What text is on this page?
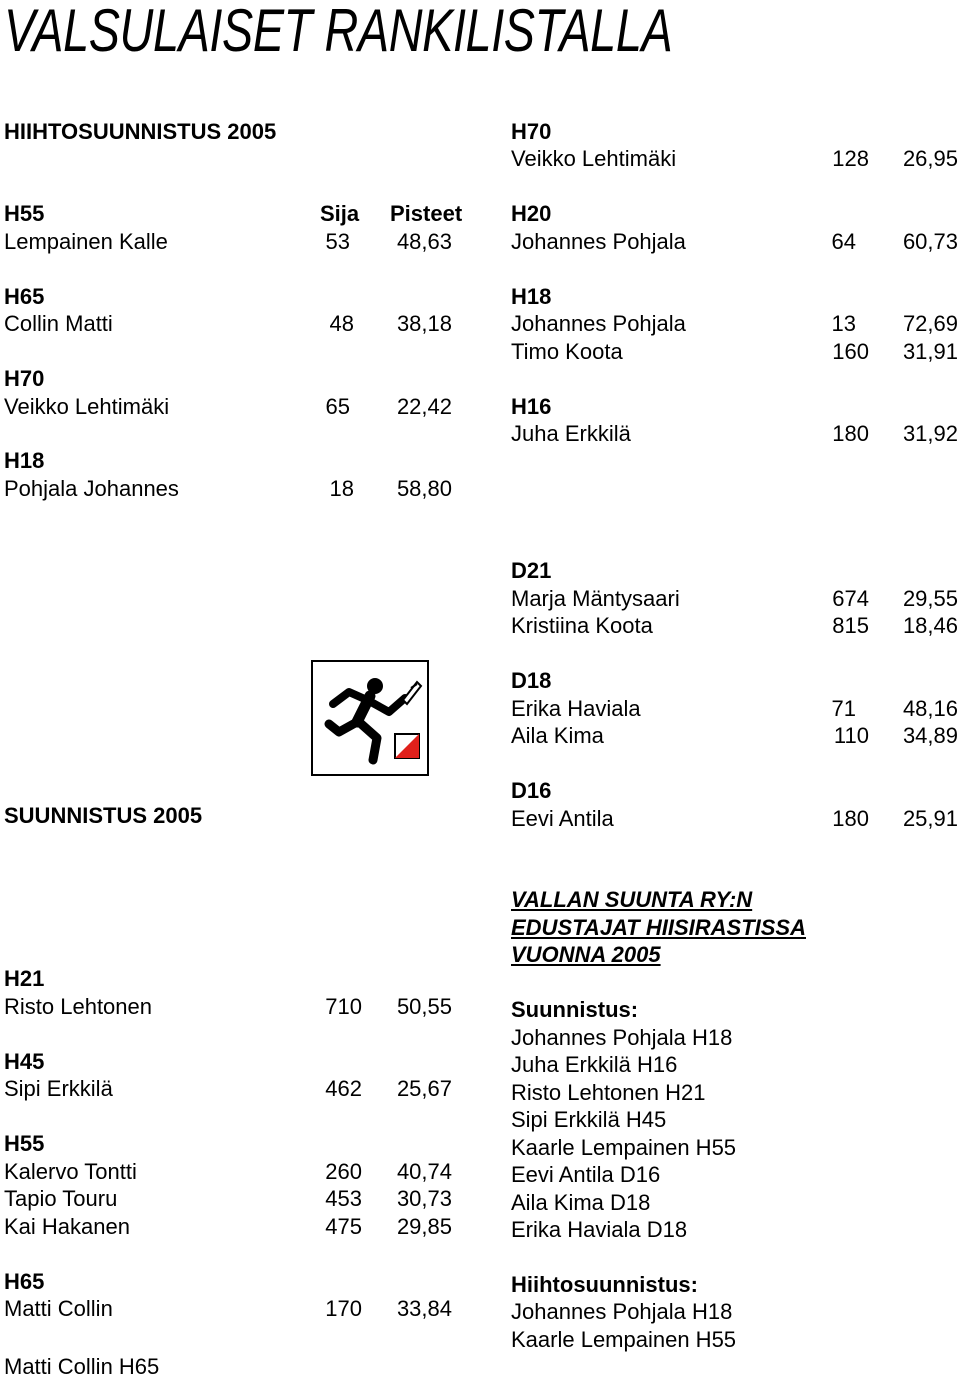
VALSULAISET RANKILISTALLA
HIIHTOSUUNNISTUS 2005
H55	Sija Pisteet
Lempainen Kalle	53	48,63
H65
Collin Matti	48	38,18
H70
Veikko Lehtimäki	65	22,42
H18
Pohjala Johannes	18	58,80
H70
Veikko Lehtimäki	128	26,95
H20
Johannes Pohjala	64	60,73
H18
Johannes Pohjala	13	72,69
Timo Koota	160	31,91
H16
Juha Erkkilä	180	31,92
D21
Marja Mäntysaari	674	29,55
Kristiina Koota	815	18,46
D18
Erika Haviala	71	48,16
Aila Kima	110	34,89
D16
Eevi Antila	180	25,91
SUUNNISTUS 2005
H21
Risto Lehtonen	710	50,55
H45
Sipi Erkkilä	462	25,67
H55
Kalervo Tontti	260	40,74
Tapio Touru	453	30,73
Kai Hakanen	475	29,85
H65
Matti Collin	170	33,84
Matti Collin H65
VALLAN SUUNTA RY:N
EDUSTAJAT HIISIRASTISSA
VUONNA 2005
Suunnistus:
Johannes Pohjala H18
Juha Erkkilä H16
Risto Lehtonen H21
Sipi Erkkilä H45
Kaarle Lempainen H55
Eevi Antila D16
Aila Kima D18
Erika Haviala D18
Hiihtosuunnistus:
Johannes Pohjala H18
Kaarle Lempainen H55
